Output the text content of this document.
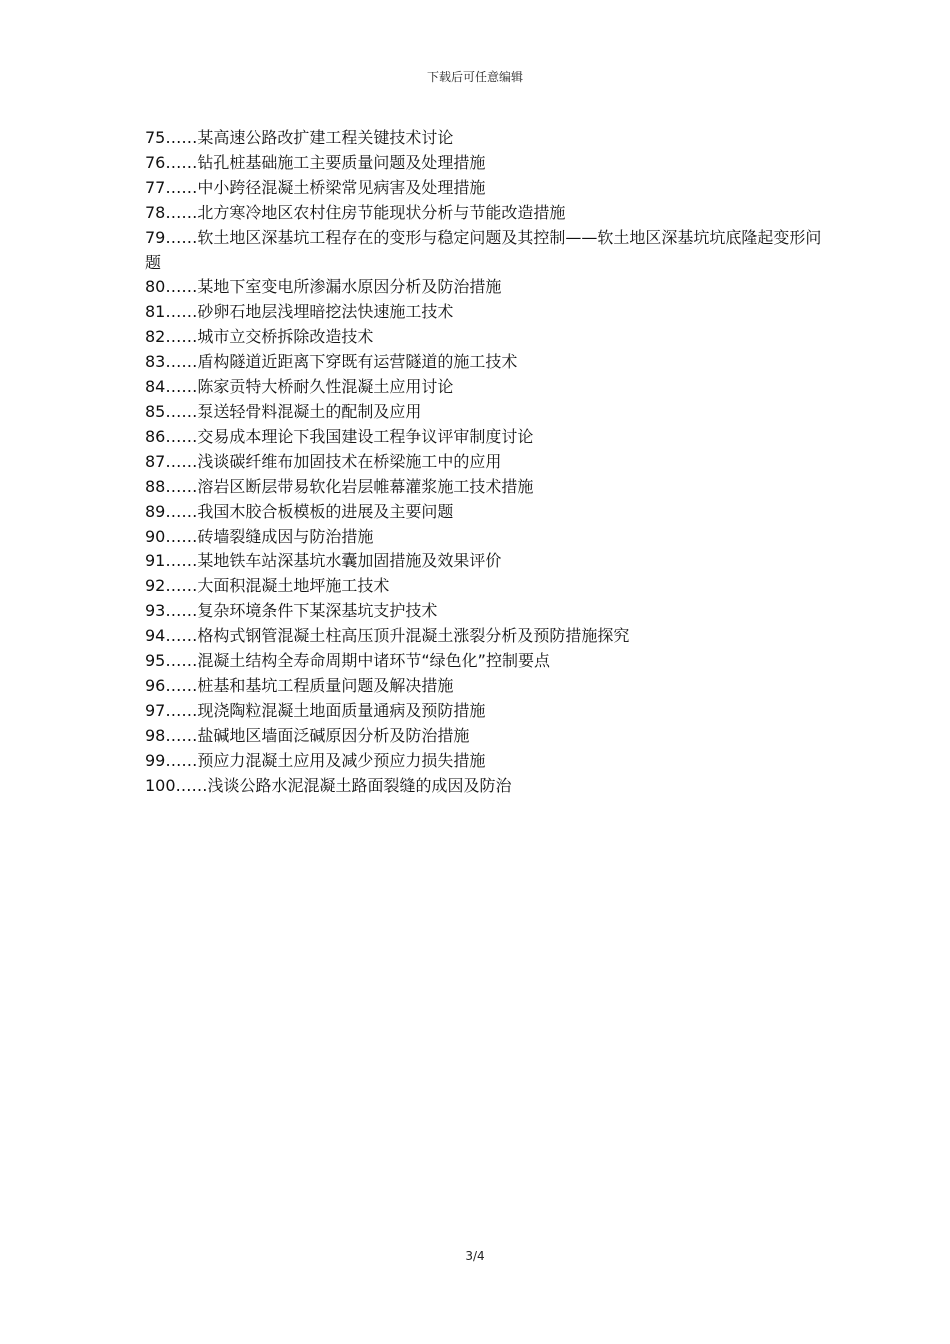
下载后可任意编辑
75……某高速公路改扩建工程关键技术讨论
76……钻孔桩基础施工主要质量问题及处理措施
77……中小跨径混凝土桥梁常见病害及处理措施
78……北方寒冷地区农村住房节能现状分析与节能改造措施
79……软土地区深基坑工程存在的变形与稳定问题及其控制——软土地区深基坑坑底隆起变形问题
80……某地下室变电所渗漏水原因分析及防治措施
81……砂卵石地层浅埋暗挖法快速施工技术
82……城市立交桥拆除改造技术
83……盾构隧道近距离下穿既有运营隧道的施工技术
84……陈家贡特大桥耐久性混凝土应用讨论
85……泵送轻骨料混凝土的配制及应用
86……交易成本理论下我国建设工程争议评审制度讨论
87……浅谈碳纤维布加固技术在桥梁施工中的应用
88……溶岩区断层带易软化岩层帷幕灌浆施工技术措施
89……我国木胶合板模板的进展及主要问题
90……砖墙裂缝成因与防治措施
91……某地铁车站深基坑水囊加固措施及效果评价
92……大面积混凝土地坪施工技术
93……复杂环境条件下某深基坑支护技术
94……格构式钢管混凝土柱高压顶升混凝土涨裂分析及预防措施探究
95……混凝土结构全寿命周期中诸环节“绿色化”控制要点
96……桩基和基坑工程质量问题及解决措施
97……现浇陶粒混凝土地面质量通病及预防措施
98……盐碱地区墙面泛碱原因分析及防治措施
99……预应力混凝土应用及减少预应力损失措施
100……浅谈公路水泥混凝土路面裂缝的成因及防治
3/4
